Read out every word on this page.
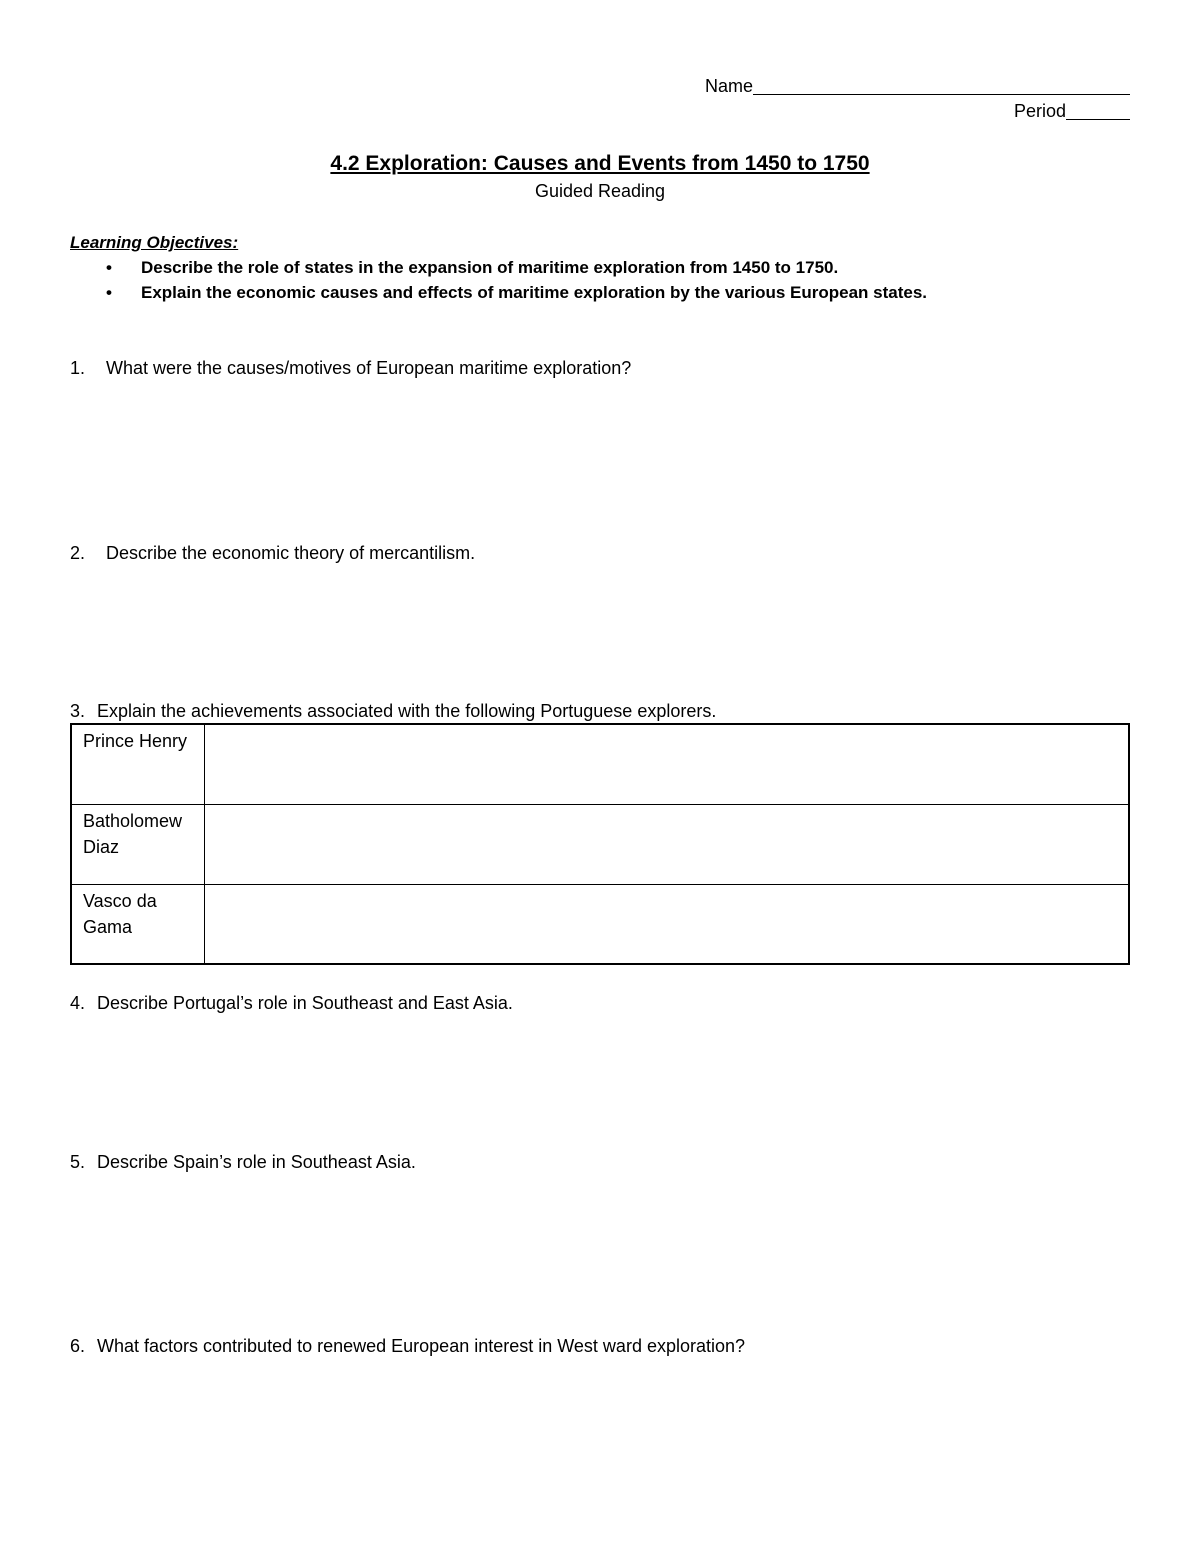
Name
Period
4.2 Exploration: Causes and Events from 1450 to 1750
Guided Reading
Learning Objectives:
• Describe the role of states in the expansion of maritime exploration from 1450 to 1750.
• Explain the economic causes and effects of maritime exploration by the various European states.
1. What were the causes/motives of European maritime exploration?
2. Describe the economic theory of mercantilism.
3. Explain the achievements associated with the following Portuguese explorers.
Prince Henry	
Batholomew Diaz	
Vasco da Gama	
4. Describe Portugal’s role in Southeast and East Asia.
5. Describe Spain’s role in Southeast Asia.
6. What factors contributed to renewed European interest in West ward exploration?
